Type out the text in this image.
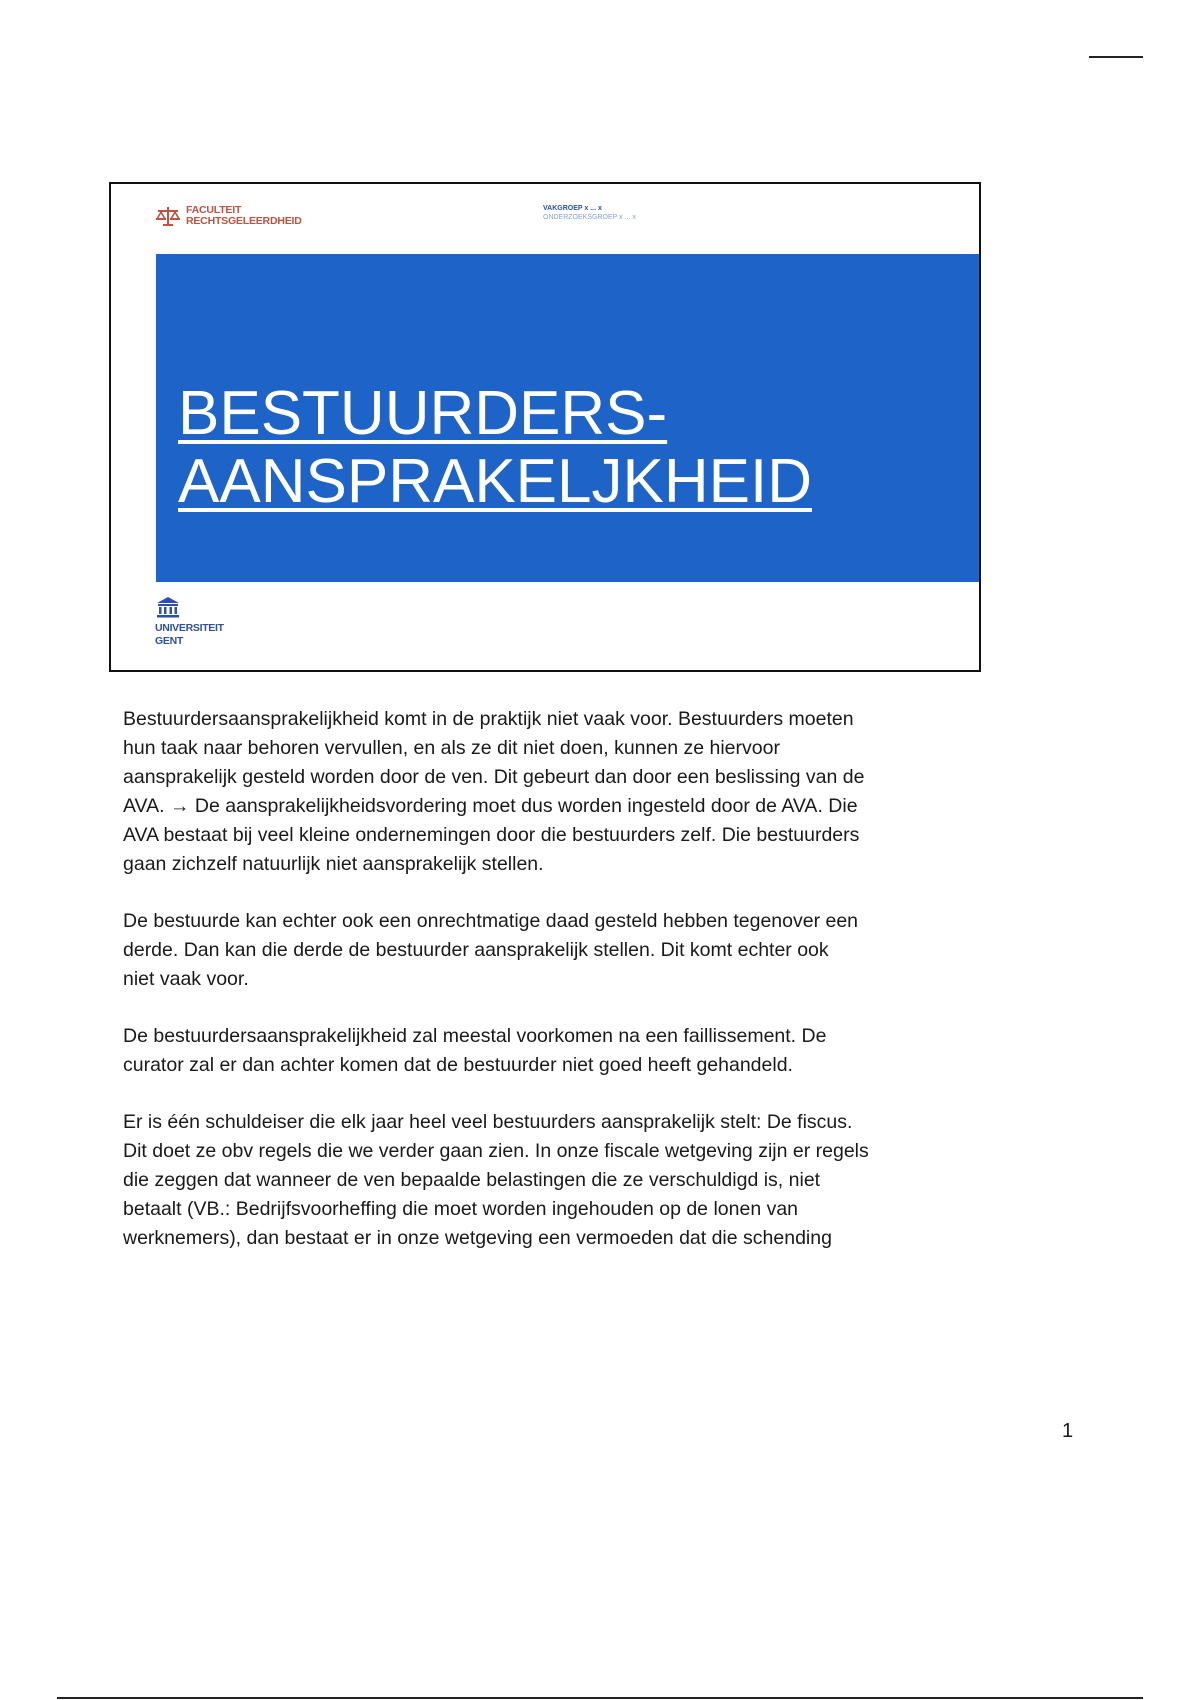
FACULTEIT
RECHTSGELEERDHEID
VAKGROEP x ... x
ONDERZOEKSGROEP x ... x
BESTUURDERS-
AANSPRAKELJKHEID
UNIVERSITEIT
GENT

Bestuurdersaansprakelijkheid komt in de praktijk niet vaak voor. Bestuurders moeten
hun taak naar behoren vervullen, en als ze dit niet doen, kunnen ze hiervoor
aansprakelijk gesteld worden door de ven. Dit gebeurt dan door een beslissing van de
AVA. → De aansprakelijkheidsvordering moet dus worden ingesteld door de AVA. Die
AVA bestaat bij veel kleine ondernemingen door die bestuurders zelf. Die bestuurders
gaan zichzelf natuurlijk niet aansprakelijk stellen.

De bestuurde kan echter ook een onrechtmatige daad gesteld hebben tegenover een
derde. Dan kan die derde de bestuurder aansprakelijk stellen. Dit komt echter ook
niet vaak voor.

De bestuurdersaansprakelijkheid zal meestal voorkomen na een faillissement. De
curator zal er dan achter komen dat de bestuurder niet goed heeft gehandeld.

Er is één schuldeiser die elk jaar heel veel bestuurders aansprakelijk stelt: De fiscus.
Dit doet ze obv regels die we verder gaan zien. In onze fiscale wetgeving zijn er regels
die zeggen dat wanneer de ven bepaalde belastingen die ze verschuldigd is, niet
betaalt (VB.: Bedrijfsvoorheffing die moet worden ingehouden op de lonen van
werknemers), dan bestaat er in onze wetgeving een vermoeden dat die schending

1
